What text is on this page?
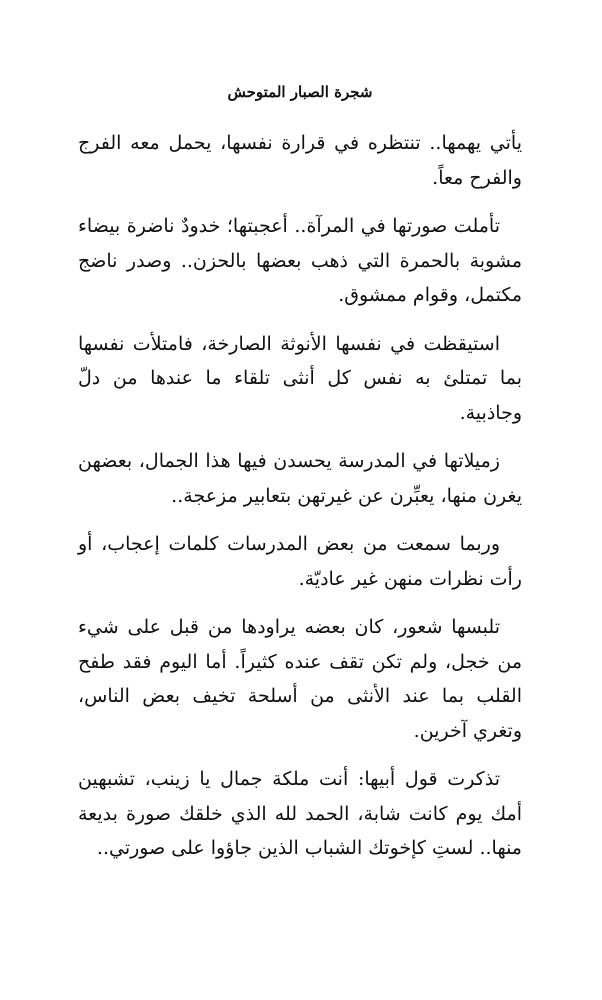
شجرة الصبار المتوحش

يأتي يهمها.. تنتظره في قرارة نفسها، يحمل معه الفرج والفرح معاً.

تأملت صورتها في المرآة.. أعجبتها؛ خدودٌ ناضرة بيضاء مشوبة بالحمرة التي ذهب بعضها بالحزن.. وصدر ناضج مكتمل، وقوام ممشوق.

استيقظت في نفسها الأنوثة الصارخة، فامتلأت نفسها بما تمتلئ به نفس كل أنثى تلقاء ما عندها من دلّ وجاذبية.

زميلاتها في المدرسة يحسدن فيها هذا الجمال، بعضهن يغرن منها، يعبِّرن عن غيرتهن بتعابير مزعجة..

وربما سمعت من بعض المدرسات كلمات إعجاب، أو رأت نظرات منهن غير عاديّة.

تلبسها شعور، كان بعضه يراودها من قبل على شيء من خجل، ولم تكن تقف عنده كثيراً. أما اليوم فقد طفح القلب بما عند الأنثى من أسلحة تخيف بعض الناس، وتغري آخرين.

تذكرت قول أبيها: أنت ملكة جمال يا زينب، تشبهين أمك يوم كانت شابة، الحمد لله الذي خلقك صورة بديعة منها.. لستِ كإخوتك الشباب الذين جاؤوا على صورتي..
